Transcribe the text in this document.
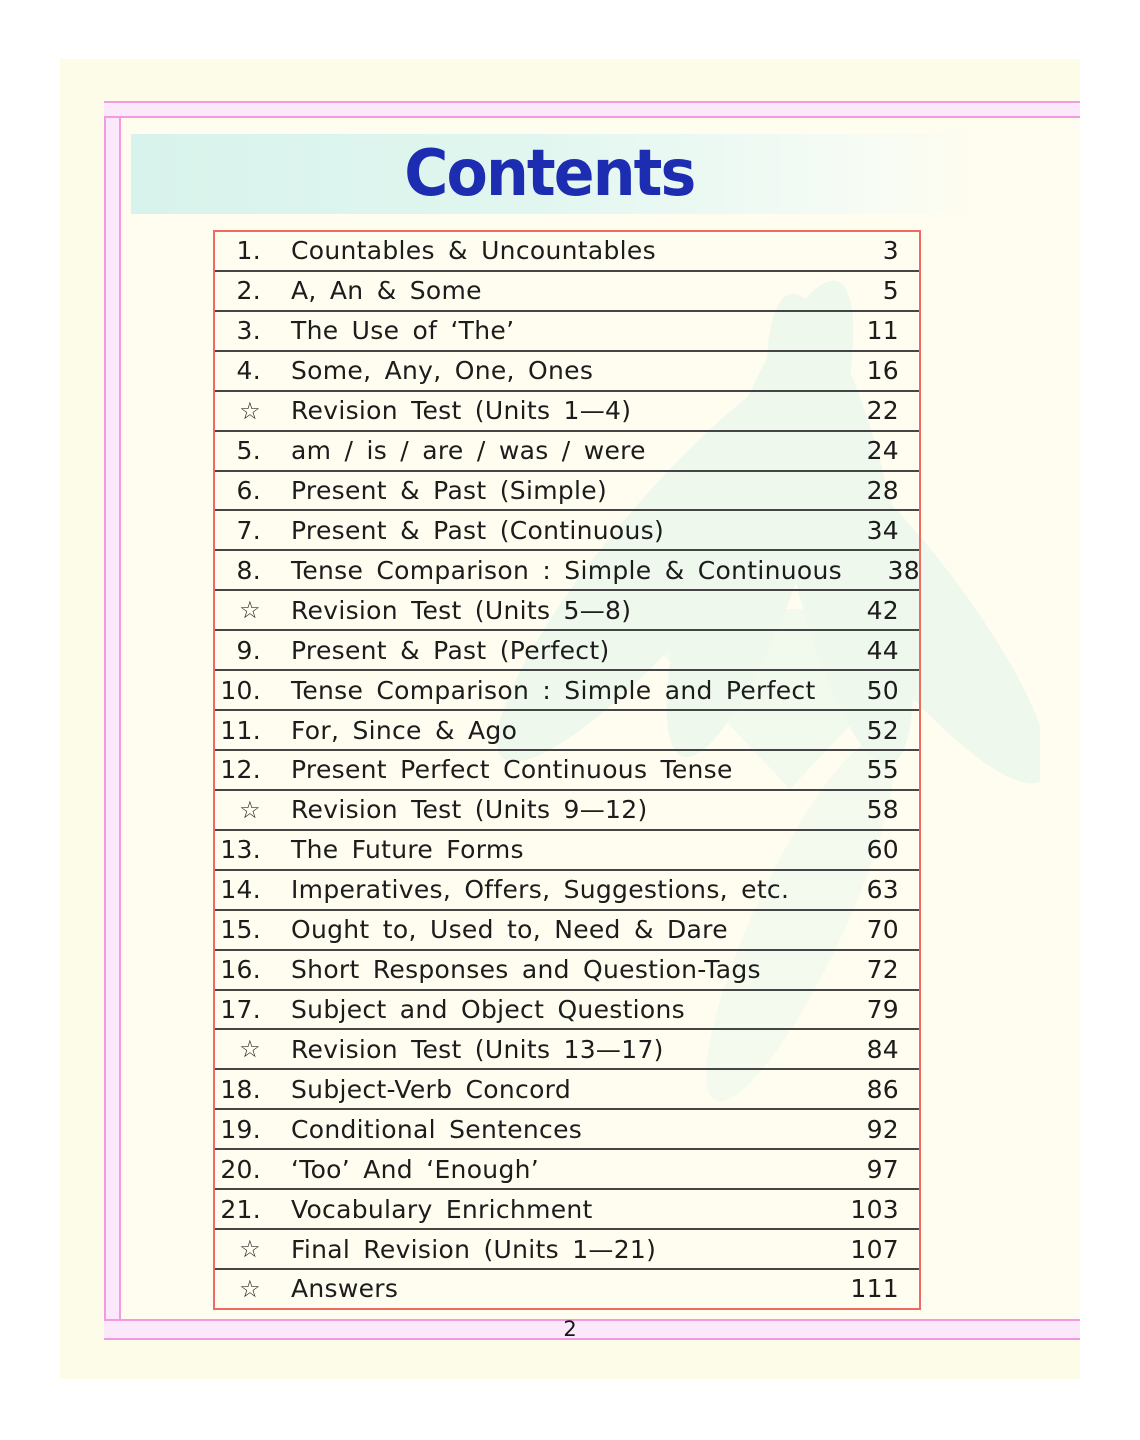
Contents
1. Countables & Uncountables	3
2. A, An & Some	5
3. The Use of ‘The’	11
4. Some, Any, One, Ones	16
☆ Revision Test (Units 1—4)	22
5. am / is / are / was / were	24
6. Present & Past (Simple)	28
7. Present & Past (Continuous)	34
8. Tense Comparison : Simple & Continuous	38
☆ Revision Test (Units 5—8)	42
9. Present & Past (Perfect)	44
10. Tense Comparison : Simple and Perfect	50
11. For, Since & Ago	52
12. Present Perfect Continuous Tense	55
☆ Revision Test (Units 9—12)	58
13. The Future Forms	60
14. Imperatives, Offers, Suggestions, etc.	63
15. Ought to, Used to, Need & Dare	70
16. Short Responses and Question-Tags	72
17. Subject and Object Questions	79
☆ Revision Test (Units 13—17)	84
18. Subject-Verb Concord	86
19. Conditional Sentences	92
20. ‘Too’ And ‘Enough’	97
21. Vocabulary Enrichment	103
☆ Final Revision (Units 1—21)	107
☆ Answers	111
2
